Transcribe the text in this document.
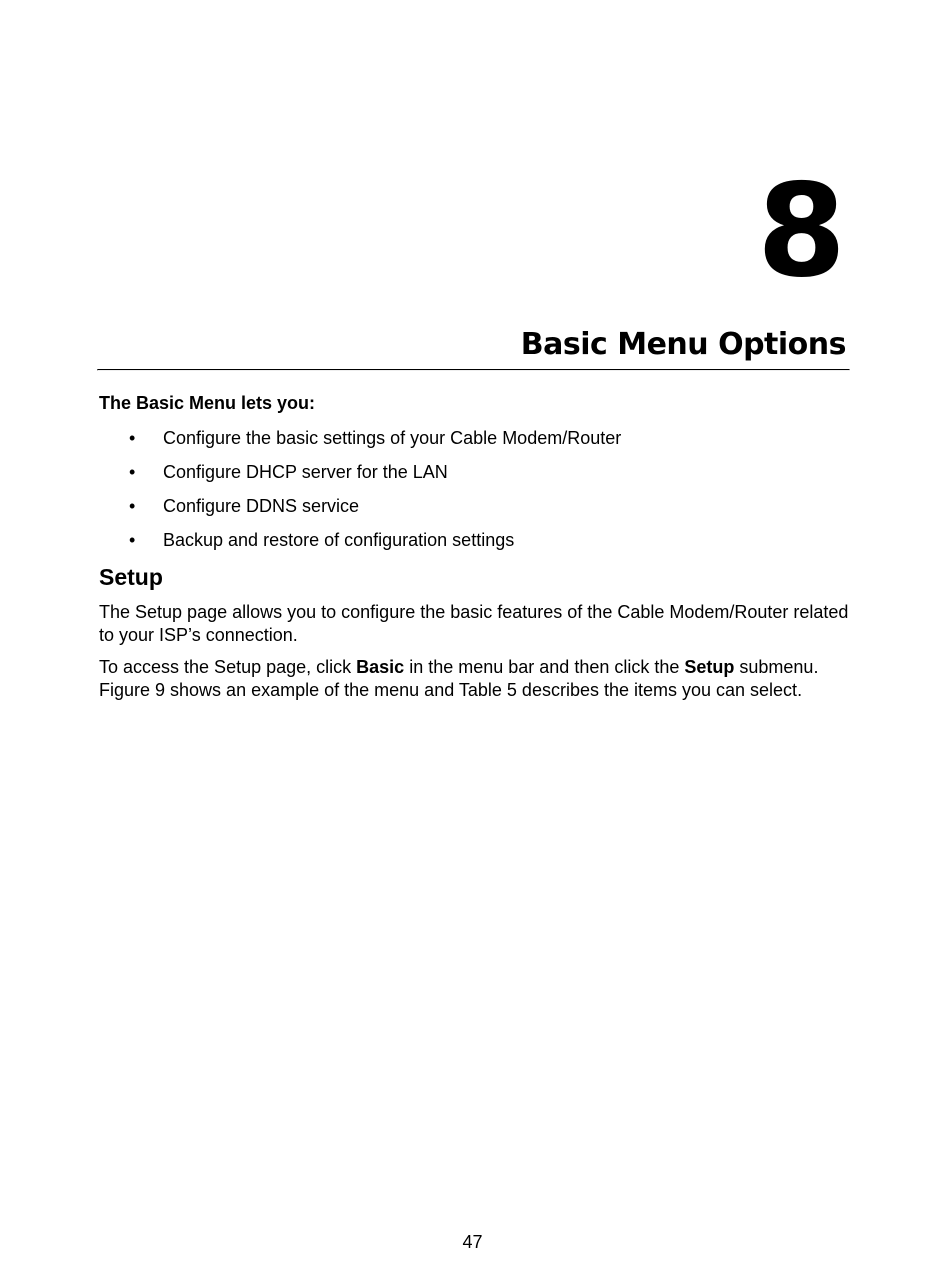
8
Basic Menu Options

The Basic Menu lets you:

• Configure the basic settings of your Cable Modem/Router
• Configure DHCP server for the LAN
• Configure DDNS service
• Backup and restore of configuration settings
Setup

The Setup page allows you to configure the basic features of the Cable Modem/Router related to your ISP’s connection.

To access the Setup page, click Basic in the menu bar and then click the Setup submenu. Figure 9 shows an example of the menu and Table 5 describes the items you can select.

47
